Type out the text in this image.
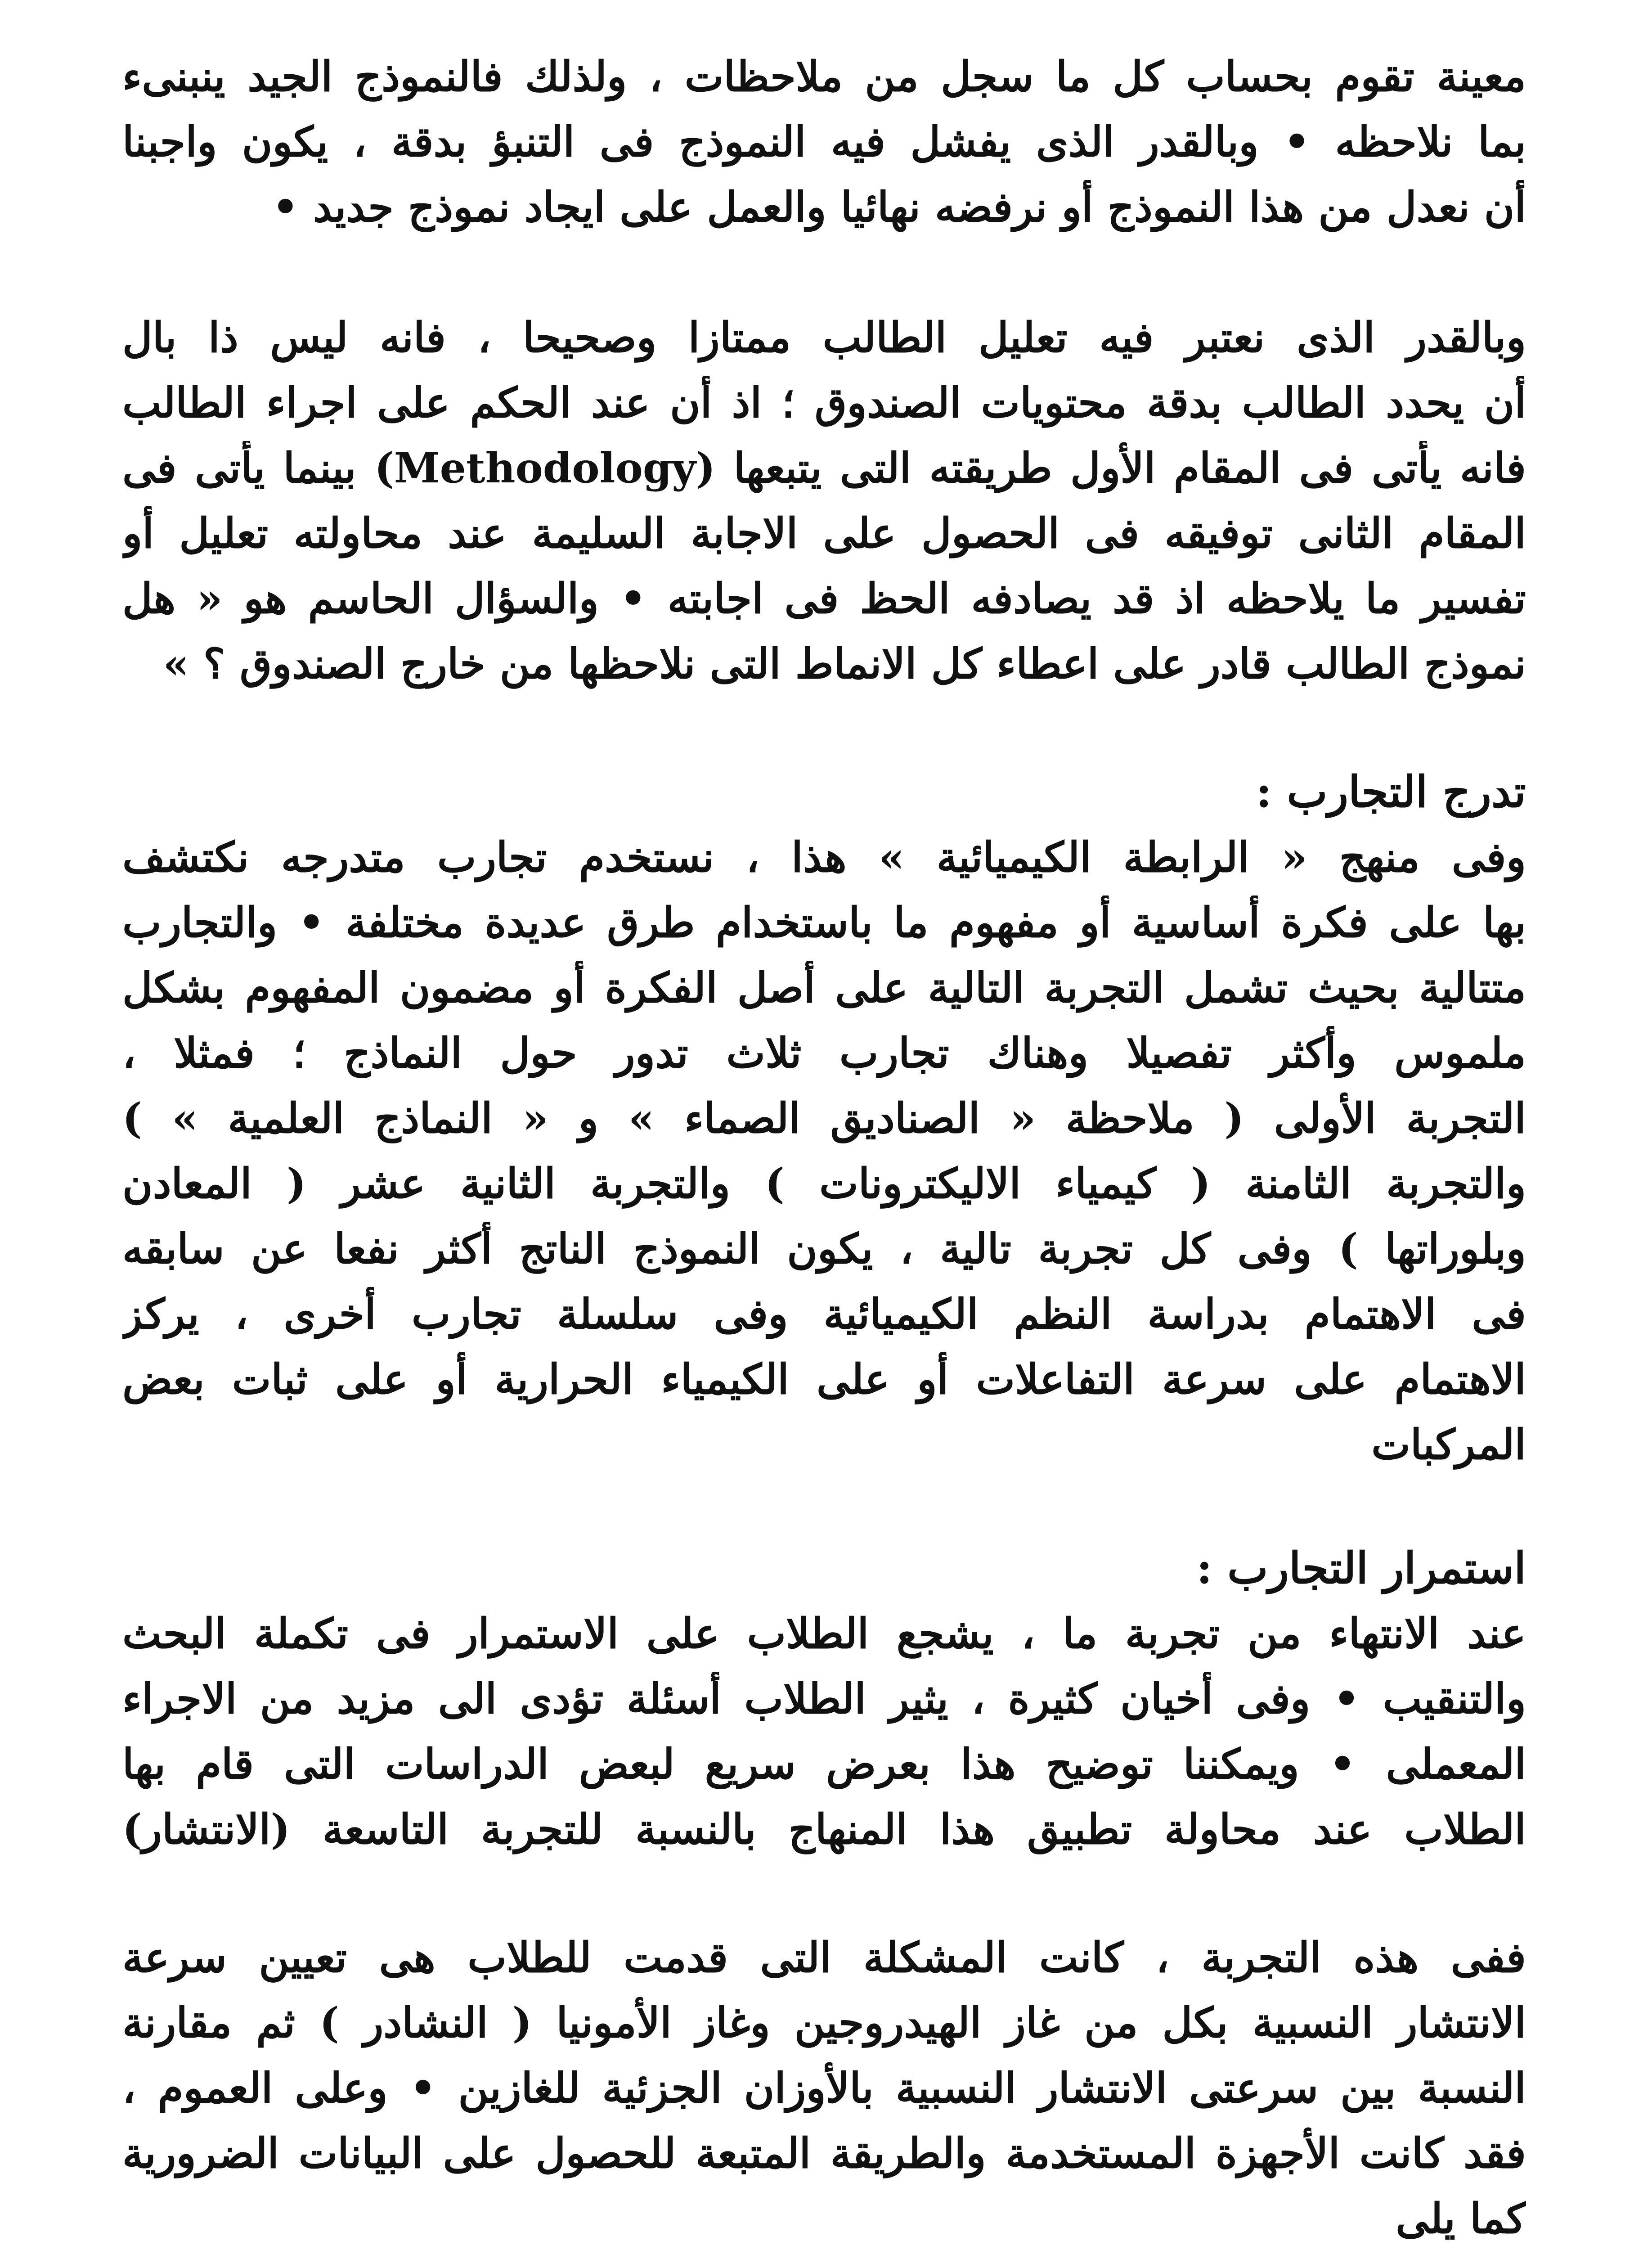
معينة تقوم بحساب كل ما سجل من ملاحظات ، ولذلك فالنموذج الجيد ينبنىء
بما نلاحظه • وبالقدر الذى يفشل فيه النموذج فى التنبؤ بدقة ، يكون واجبنا
أن نعدل من هذا النموذج أو نرفضه نهائيا والعمل على ايجاد نموذج جديد •
وبالقدر الذى نعتبر فيه تعليل الطالب ممتازا وصحيحا ، فانه ليس ذا بال
أن يحدد الطالب بدقة محتويات الصندوق ؛ اذ أن عند الحكم على اجراء الطالب
فانه يأتى فى المقام الأول طريقته التى يتبعها (Methodology) بينما يأتى فى
المقام الثانى توفيقه فى الحصول على الاجابة السليمة عند محاولته تعليل أو
تفسير ما يلاحظه اذ قد يصادفه الحظ فى اجابته • والسؤال الحاسم هو « هل
نموذج الطالب قادر على اعطاء كل الانماط التى نلاحظها من خارج الصندوق ؟ »
تدرج التجارب :
وفى منهج « الرابطة الكيميائية » هذا ، نستخدم تجارب متدرجه نكتشف
بها على فكرة أساسية أو مفهوم ما باستخدام طرق عديدة مختلفة • والتجارب
متتالية بحيث تشمل التجربة التالية على أصل الفكرة أو مضمون المفهوم بشكل
ملموس وأكثر تفصيلا وهناك تجارب ثلاث تدور حول النماذج ؛ فمثلا ،
التجربة الأولى ( ملاحظة « الصناديق الصماء » و « النماذج العلمية » )
والتجربة الثامنة ( كيمياء الاليكترونات ) والتجربة الثانية عشر ( المعادن
وبلوراتها ) وفى كل تجربة تالية ، يكون النموذج الناتج أكثر نفعا عن سابقه
فى الاهتمام بدراسة النظم الكيميائية وفى سلسلة تجارب أخرى ، يركز
الاهتمام على سرعة التفاعلات أو على الكيمياء الحرارية أو على ثبات بعض
المركبات
استمرار التجارب :
عند الانتهاء من تجربة ما ، يشجع الطلاب على الاستمرار فى تكملة البحث
والتنقيب • وفى أخيان كثيرة ، يثير الطلاب أسئلة تؤدى الى مزيد من الاجراء
المعملى • ويمكننا توضيح هذا بعرض سريع لبعض الدراسات التى قام بها
الطلاب عند محاولة تطبيق هذا المنهاج بالنسبة للتجربة التاسعة (الانتشار)
ففى هذه التجربة ، كانت المشكلة التى قدمت للطلاب هى تعيين سرعة
الانتشار النسبية بكل من غاز الهيدروجين وغاز الأمونيا ( النشادر ) ثم مقارنة
النسبة بين سرعتى الانتشار النسبية بالأوزان الجزئية للغازين • وعلى العموم ،
فقد كانت الأجهزة المستخدمة والطريقة المتبعة للحصول على البيانات الضرورية
كما يلى
